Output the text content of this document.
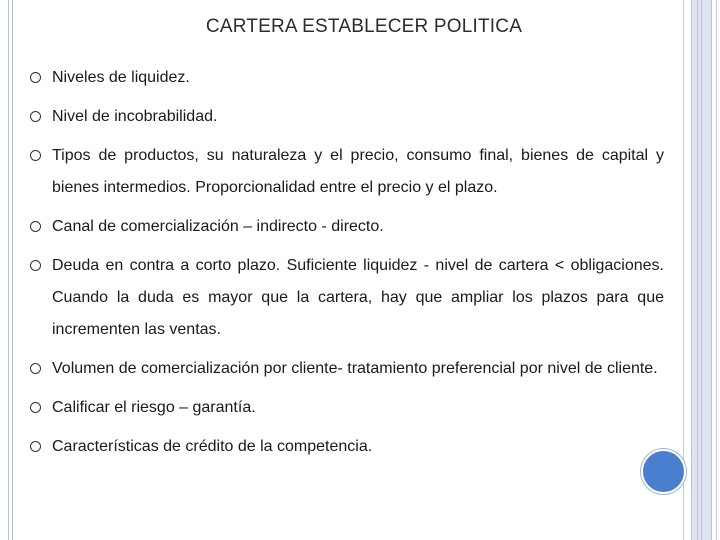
CARTERA ESTABLECER POLITICA
Niveles de liquidez.
Nivel de incobrabilidad.
Tipos de productos, su naturaleza y el precio, consumo final, bienes de capital y bienes intermedios. Proporcionalidad entre el precio y el plazo.
Canal de comercialización – indirecto - directo.
Deuda en contra a corto plazo. Suficiente liquidez - nivel de cartera < obligaciones. Cuando la duda es mayor que la cartera, hay que ampliar los plazos para que incrementen las ventas.
Volumen de comercialización por cliente- tratamiento preferencial por nivel de cliente.
Calificar el riesgo – garantía.
Características de crédito de la competencia.
